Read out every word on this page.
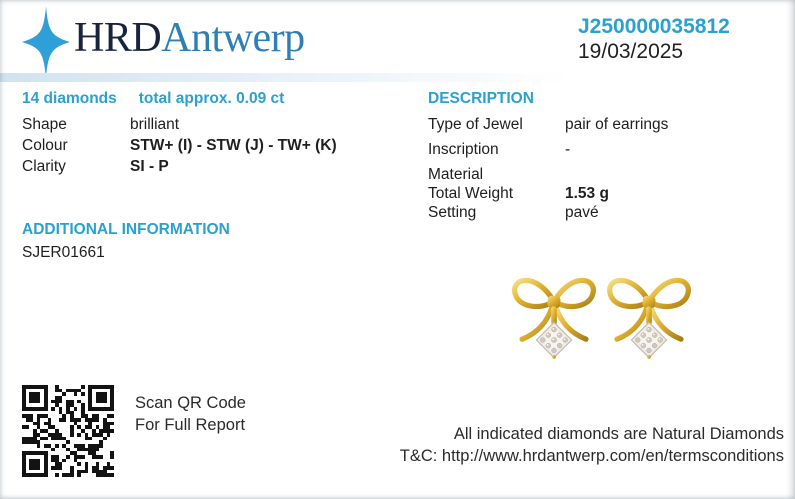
HRDAntwerp	J250000035812
19/03/2025
14 diamonds total approx. 0.09 ct
Shape	brilliant
Colour	STW+ (I) - STW (J) - TW+ (K)
Clarity	SI - P
ADDITIONAL INFORMATION
SJER01661
DESCRIPTION
Type of Jewel	pair of earrings
Inscription	-
Material
Total Weight	1.53 g
Setting	pavé
Scan QR Code
For Full Report	All indicated diamonds are Natural Diamonds
T&C: http://www.hrdantwerp.com/en/termsconditions
